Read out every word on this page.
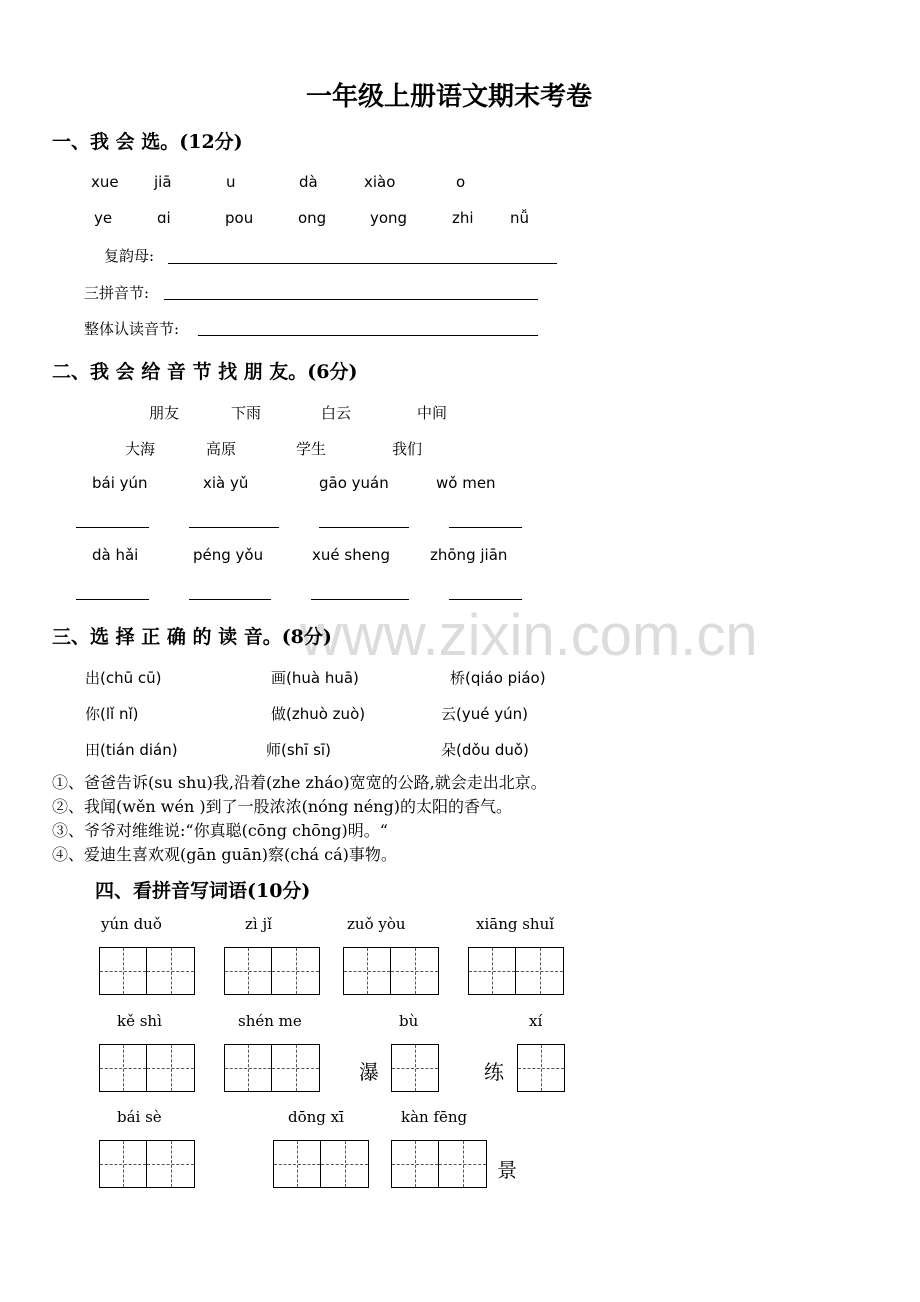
www.zixin.com.cn
一年级上册语文期末考卷
一、我 会 选。(12分)
xue jiā	u	dà	xiào	o
ye	ɑi	pou	ong	yong	zhi nǚ
复韵母:
三拼音节:
整体认读音节:
二、我 会 给 音 节 找 朋 友。(6分)
朋友	下雨	白云	中间
大海	高原	学生	我们
bái yún	xià yǔ	gāo yuán	wǒ men
dà hǎi	péng yǒu	xué sheng	zhōng jiān
三、选 择 正 确 的 读 音。(8分)
出(chū cū)	画(huà huā)	桥(qiáo piáo)
你(lǐ nǐ)	做(zhuò zuò)	云(yué yún)
田(tián dián)	师(shī sī)	朵(dǒu duǒ)
①、爸爸告诉(su shu)我,沿着(zhe zháo)宽宽的公路,就会走出北京。
②、我闻(wěn wén )到了一股浓浓(nóng néng)的太阳的香气。
③、爷爷对维维说:“你真聪(cōng chōng)明。“
④、爱迪生喜欢观(gān guān)察(chá cá)事物。
四、看拼音写词语(10分)
yún duǒ	zì jǐ	zuǒ yòu	xiāng shuǐ
kě shì	shén me	bù	xí
瀑	练
bái sè	dōng xī	kàn fēng
景
